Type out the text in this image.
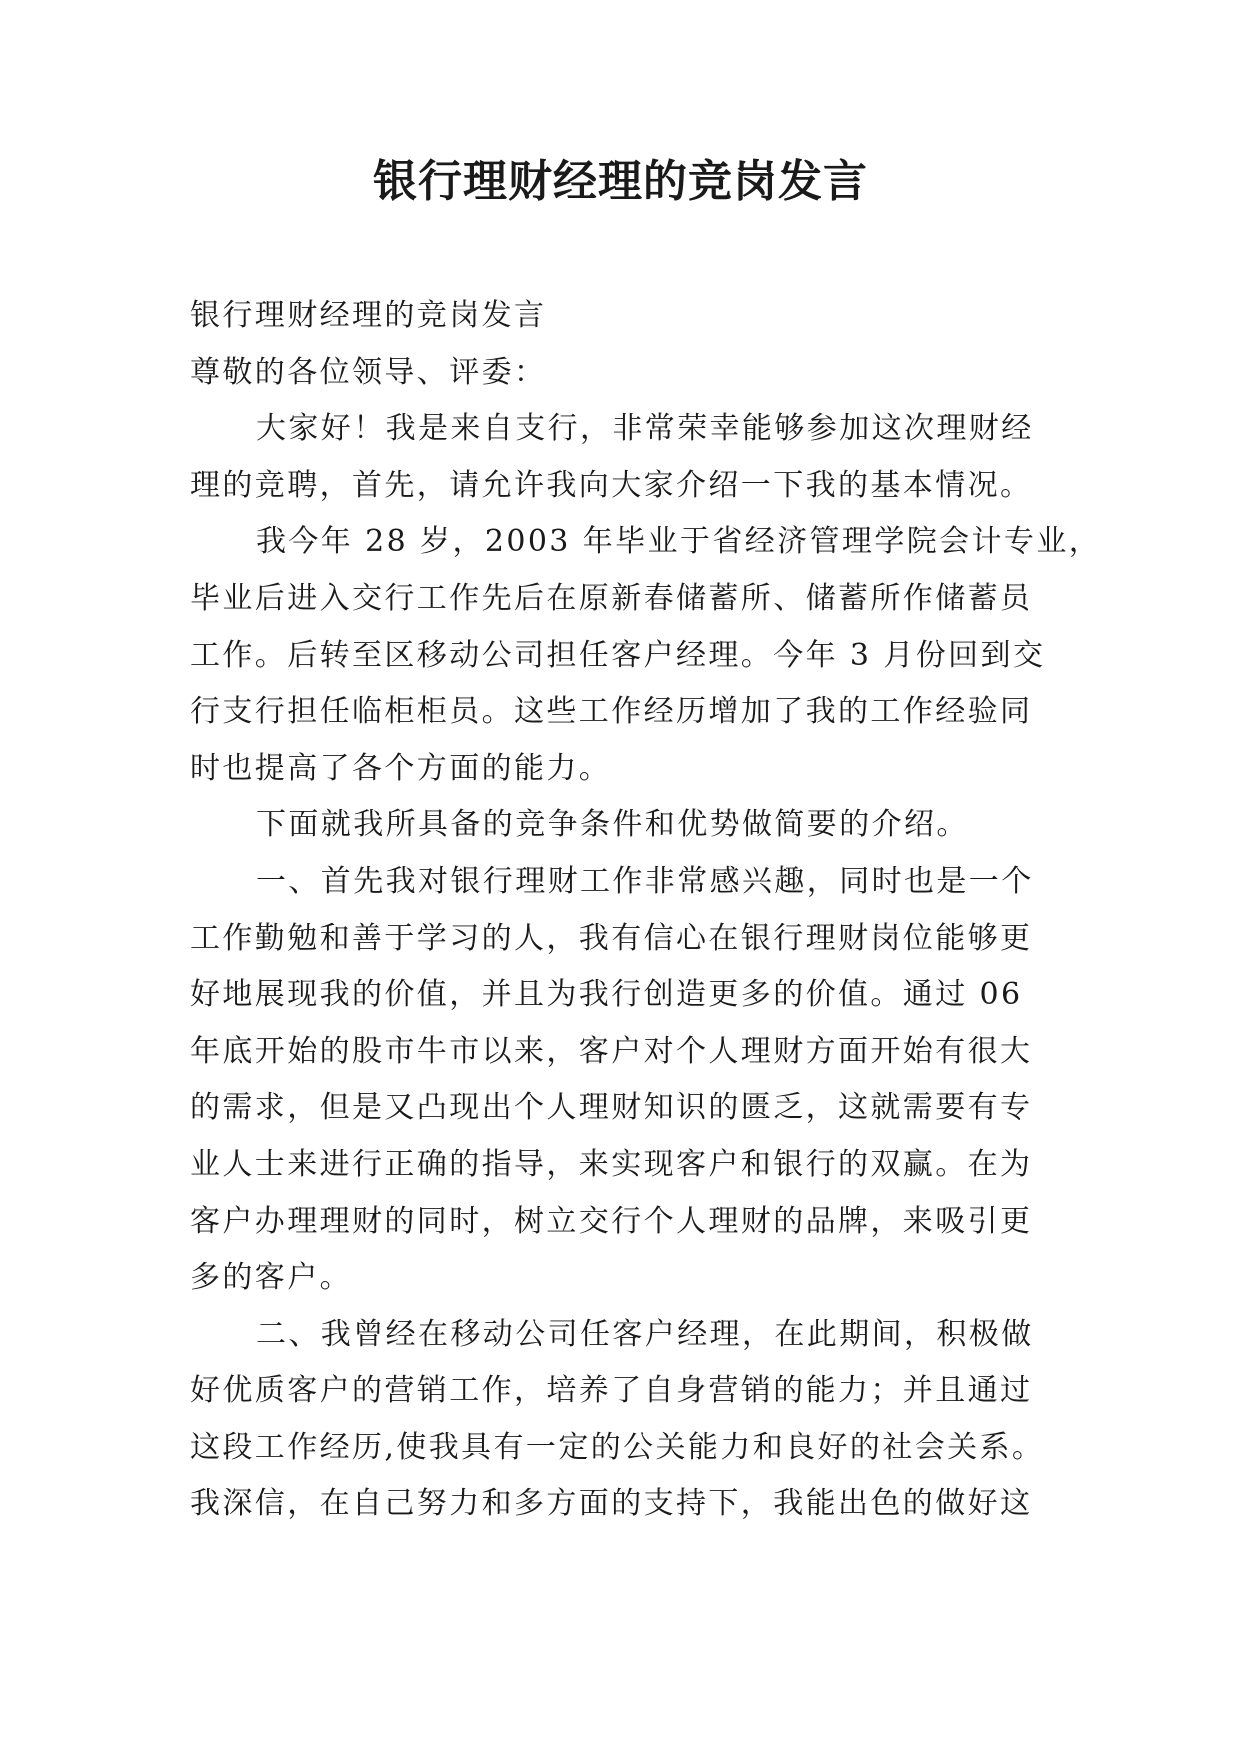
银行理财经理的竞岗发言
银行理财经理的竞岗发言
尊敬的各位领导、评委：
大家好！我是来自支行，非常荣幸能够参加这次理财经
理的竞聘，首先，请允许我向大家介绍一下我的基本情况。
我今年 28 岁，2003 年毕业于省经济管理学院会计专业，
毕业后进入交行工作先后在原新春储蓄所、储蓄所作储蓄员
工作。后转至区移动公司担任客户经理。今年 3 月份回到交
行支行担任临柜柜员。这些工作经历增加了我的工作经验同
时也提高了各个方面的能力。
下面就我所具备的竞争条件和优势做简要的介绍。
一、首先我对银行理财工作非常感兴趣，同时也是一个
工作勤勉和善于学习的人，我有信心在银行理财岗位能够更
好地展现我的价值，并且为我行创造更多的价值。通过 06
年底开始的股市牛市以来，客户对个人理财方面开始有很大
的需求，但是又凸现出个人理财知识的匮乏，这就需要有专
业人士来进行正确的指导，来实现客户和银行的双赢。在为
客户办理理财的同时，树立交行个人理财的品牌，来吸引更
多的客户。
二、我曾经在移动公司任客户经理，在此期间，积极做
好优质客户的营销工作，培养了自身营销的能力；并且通过
这段工作经历,使我具有一定的公关能力和良好的社会关系。
我深信，在自己努力和多方面的支持下，我能出色的做好这
